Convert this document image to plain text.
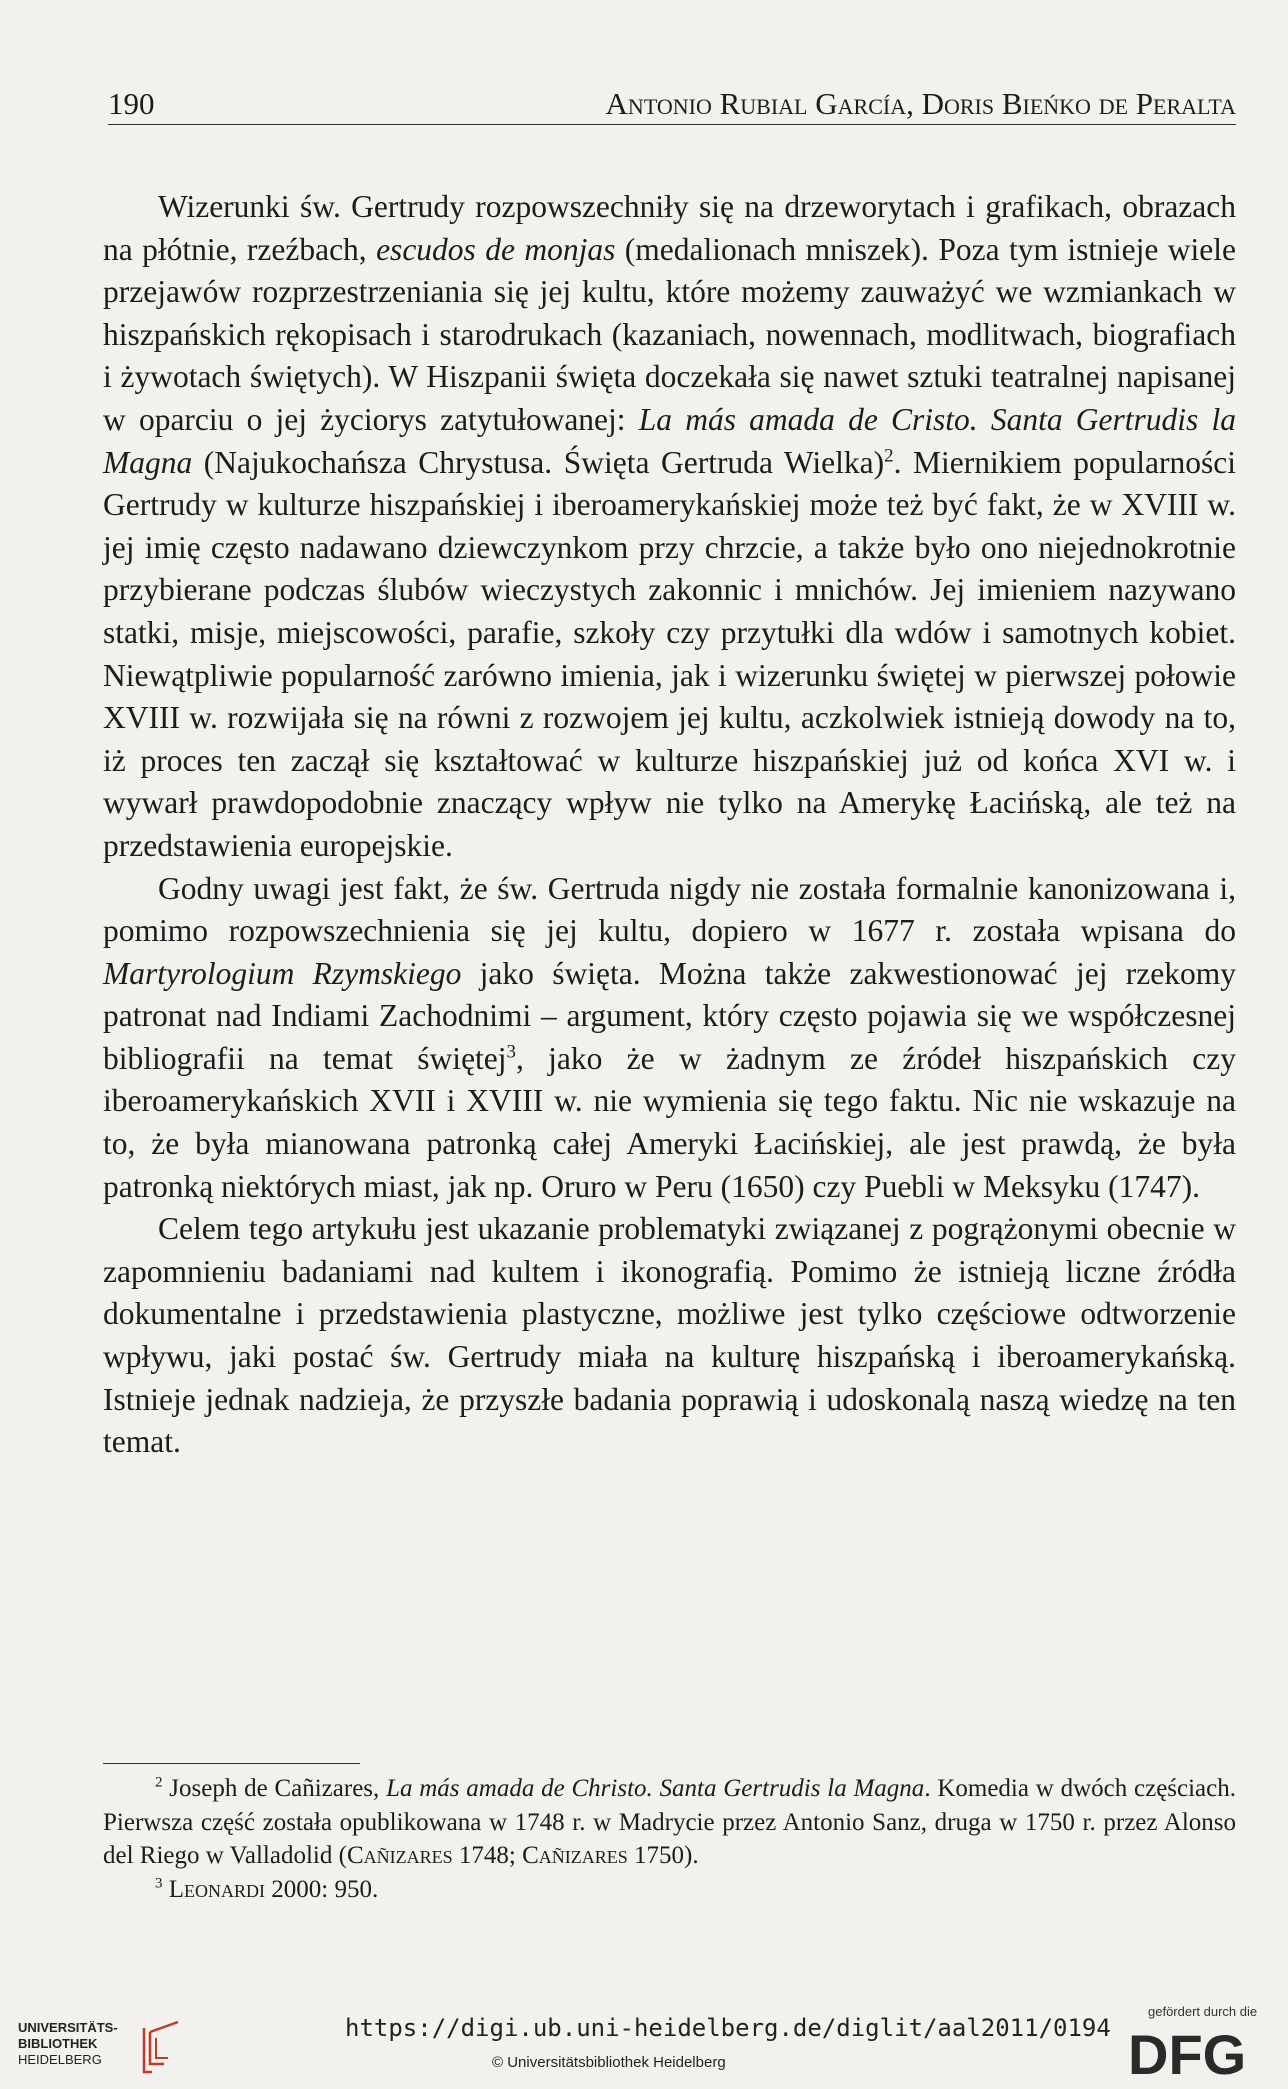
190	Antonio Rubial García, Doris Bieńko de Peralta

Wizerunki św. Gertrudy rozpowszechniły się na drzeworytach i grafikach, obrazach na płótnie, rzeźbach, escudos de monjas (medalionach mniszek). Poza tym istnieje wiele przejawów rozprzestrzeniania się jej kultu, które możemy zauważyć we wzmiankach w hiszpańskich rękopisach i starodrukach (kazaniach, nowennach, modlitwach, biografiach i żywotach świętych). W Hiszpanii święta doczekała się nawet sztuki teatralnej napisanej w oparciu o jej życiorys zatytułowanej: La más amada de Cristo. Santa Gertrudis la Magna (Najukochańsza Chrystusa. Święta Gertruda Wielka)$^2$. Miernikiem popularności Gertrudy w kulturze hiszpańskiej i iberoamerykańskiej może też być fakt, że w XVIII w. jej imię często nadawano dziewczynkom przy chrzcie, a także było ono niejednokrotnie przybierane podczas ślubów wieczystych zakonnic i mnichów. Jej imieniem nazywano statki, misje, miejscowości, parafie, szkoły czy przytułki dla wdów i samotnych kobiet. Niewątpliwie popularność zarówno imienia, jak i wizerunku świętej w pierwszej połowie XVIII w. rozwijała się na równi z rozwojem jej kultu, aczkolwiek istnieją dowody na to, iż proces ten zaczął się kształtować w kulturze hiszpańskiej już od końca XVI w. i wywarł prawdopodobnie znaczący wpływ nie tylko na Amerykę Łacińską, ale też na przedstawienia europejskie.

Godny uwagi jest fakt, że św. Gertruda nigdy nie została formalnie kanonizowana i, pomimo rozpowszechnienia się jej kultu, dopiero w 1677 r. została wpisana do Martyrologium Rzymskiego jako święta. Można także zakwestionować jej rzekomy patronat nad Indiami Zachodnimi – argument, który często pojawia się we współczesnej bibliografii na temat świętej$^3$, jako że w żadnym ze źródeł hiszpańskich czy iberoamerykańskich XVII i XVIII w. nie wymienia się tego faktu. Nic nie wskazuje na to, że była mianowana patronką całej Ameryki Łacińskiej, ale jest prawdą, że była patronką niektórych miast, jak np. Oruro w Peru (1650) czy Puebli w Meksyku (1747).

Celem tego artykułu jest ukazanie problematyki związanej z pogrążonymi obecnie w zapomnieniu badaniami nad kultem i ikonografią. Pomimo że istnieją liczne źródła dokumentalne i przedstawienia plastyczne, możliwe jest tylko częściowe odtworzenie wpływu, jaki postać św. Gertrudy miała na kulturę hiszpańską i iberoamerykańską. Istnieje jednak nadzieja, że przyszłe badania poprawią i udoskonalą naszą wiedzę na ten temat.

$^2$ Joseph de Cañizares, La más amada de Christo. Santa Gertrudis la Magna. Komedia w dwóch częściach. Pierwsza część została opublikowana w 1748 r. w Madrycie przez Antonio Sanz, druga w 1750 r. przez Alonso del Riego w Valladolid (Cañizares 1748; Cañizares 1750).

$^3$ Leonardi 2000: 950.

UNIVERSITÄTS-
BIBLIOTHEK
HEIDELBERG
https://digi.ub.uni-heidelberg.de/diglit/aal2011/0194
© Universitätsbibliothek Heidelberg
gefördert durch die
DFG
